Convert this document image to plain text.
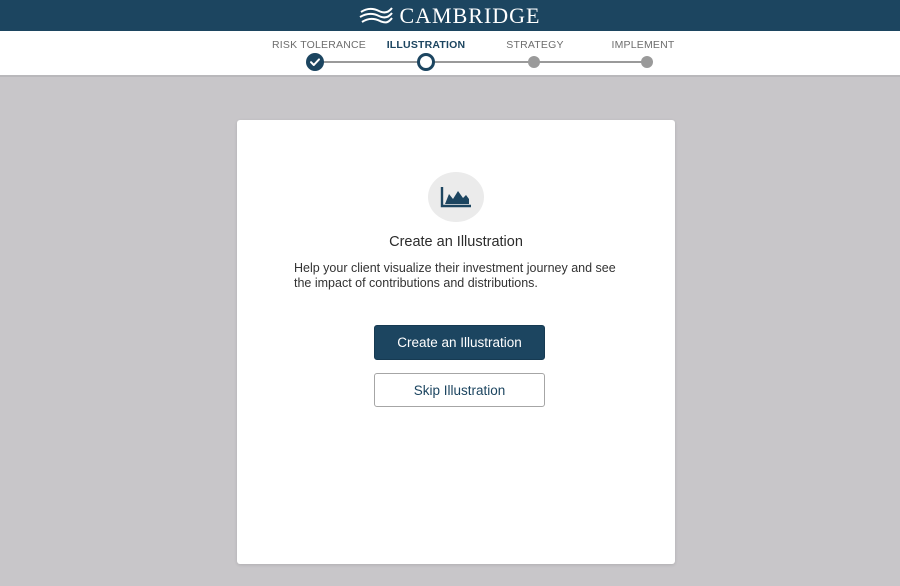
CAMBRIDGE
RISK TOLERANCE	ILLUSTRATION	STRATEGY	IMPLEMENT
Create an Illustration
Help your client visualize their investment journey and see the impact of contributions and distributions.
Create an Illustration
Skip Illustration
